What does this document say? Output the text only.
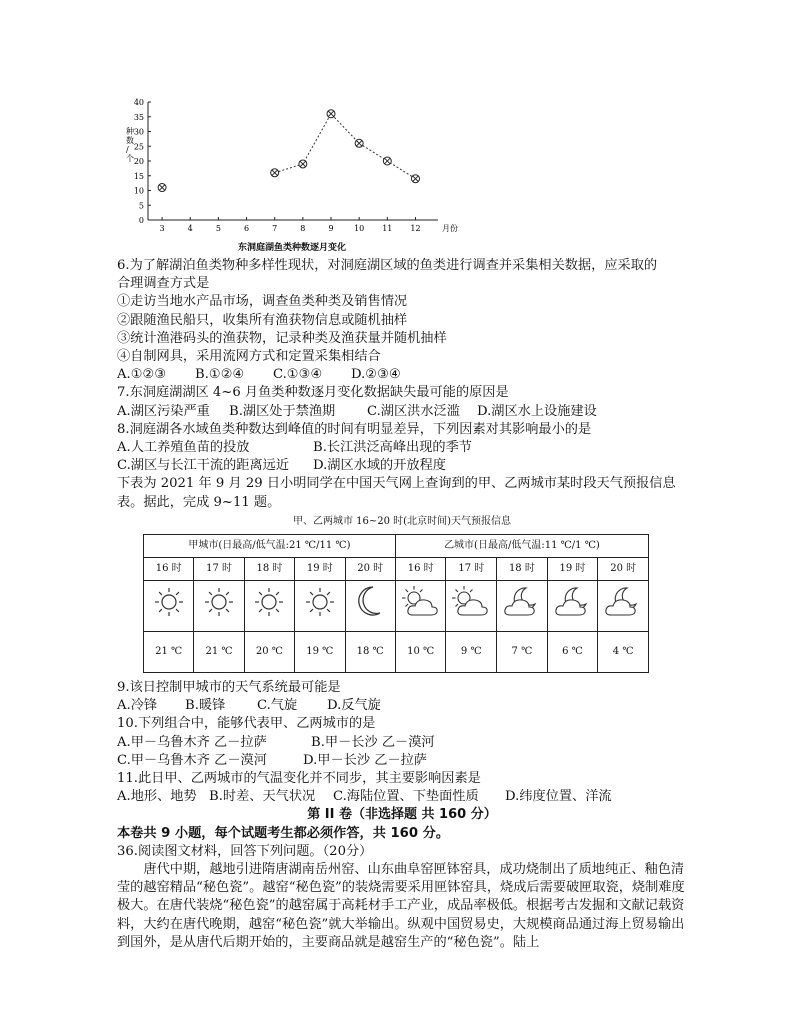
0
5
10
15
20
25
30
35
40
3	4	5	6	7	8	9	10 11 12	月份
种数/个
东洞庭湖鱼类种数逐月变化

6.为了解湖泊鱼类物种多样性现状，对洞庭湖区域的鱼类进行调查并采集相关数据，应采取的

合理调查方式是

①走访当地水产品市场，调查鱼类种类及销售情况

②跟随渔民船只，收集所有渔获物信息或随机抽样

③统计渔港码头的渔获物，记录种类及渔获量并随机抽样

④自制网具，采用流网方式和定置采集相结合

A.①②③	B.①②④	C.①③④	D.②③④

7.东洞庭湖湖区 4~6 月鱼类种数逐月变化数据缺失最可能的原因是

A.湖区污染严重	B.湖区处于禁渔期	C.湖区洪水泛滥	D.湖区水上设施建设

8.洞庭湖各水域鱼类种数达到峰值的时间有明显差异，下列因素对其影响最小的是

A.人工养殖鱼苗的投放	B.长江洪泛高峰出现的季节

C.湖区与长江干流的距离远近	D.湖区水域的开放程度

下表为 2021 年 9 月 29 日小明同学在中国天气网上查询到的甲、乙两城市某时段天气预报信息

表。据此，完成 9~11 题。

甲、乙两城市 16~20 时(北京时间)天气预报信息
甲城市(日最高/低气温:21 ℃/11 ℃)					乙城市(日最高/低气温:11 ℃/1 ℃)				
16 时	17 时	18 时	19 时	20 时	16 时	17 时	18 时	19 时	20 时

21 ℃	21 ℃	20 ℃	19 ℃	18 ℃	10 ℃	9 ℃	7 ℃	6 ℃	4 ℃

9.该日控制甲城市的天气系统最可能是

A.冷锋	B.暖锋	C.气旋	D.反气旋

10.下列组合中，能够代表甲、乙两城市的是

A.甲－乌鲁木齐 乙－拉萨	B.甲－长沙 乙－漠河

C.甲－乌鲁木齐 乙－漠河	D.甲－长沙 乙－拉萨

11.此日甲、乙两城市的气温变化并不同步，其主要影响因素是

A.地形、地势 B.时差、天气状况	C.海陆位置、下垫面性质	D.纬度位置、洋流

第 II 卷（非选择题 共 160 分）

本卷共 9 小题，每个试题考生都必须作答，共 160 分。

36.阅读图文材料，回答下列问题。（20分）

唐代中期，越地引进隋唐湖南岳州窑、山东曲阜窑匣钵窑具，成功烧制出了质地纯正、釉色清莹的越窑精品“秘色瓷”。越窑“秘色瓷”的装烧需要采用匣钵窑具，烧成后需要破匣取瓷，烧制难度极大。在唐代装烧“秘色瓷”的越窑属于高耗材手工产业，成品率极低。根据考古发掘和文献记载资料，大约在唐代晚期，越窑“秘色瓷”就大举输出。纵观中国贸易史，大规模商品通过海上贸易输出到国外，是从唐代后期开始的，主要商品就是越窑生产的“秘色瓷”。陆上
